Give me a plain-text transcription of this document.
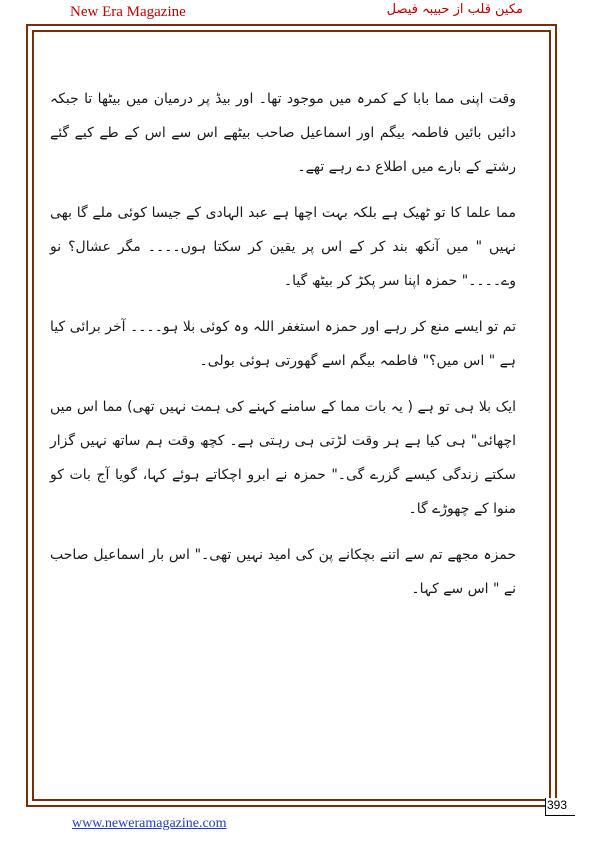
New Era Magazine	مکین قلب از حبیبہ فیصل

وقت اپنی مما بابا کے کمرہ میں موجود تھا۔ اور بیڈ پر درمیان میں بیٹھا تا جبکہ دائیں بائیں فاطمہ بیگم اور اسماعیل صاحب بیٹھے اس سے اس کے طے کیے گئے رشتے کے بارے میں اطلاع دے رہے تھے۔

مما علما کا تو ٹھیک ہے بلکہ بہت اچھا ہے عبد الہادی کے جیسا کوئی ملے گا بھی نہیں " میں آنکھ بند کر کے اس پر یقین کر سکتا ہوں۔۔۔۔ مگر عشال؟ نو وے۔۔۔۔" حمزہ اپنا سر پکڑ کر بیٹھ گیا۔

تم تو ایسے منع کر رہے اور حمزہ استغفر اللہ وہ کوئی بلا ہو۔۔۔۔ آخر برائی کیا ہے " اس میں؟" فاطمہ بیگم اسے گھورتی ہوئی بولی۔

ایک بلا ہی تو ہے ( یہ بات مما کے سامنے کہنے کی ہمت نہیں تھی) مما اس میں اچھائی" ہی کیا ہے ہر وقت لڑتی ہی رہتی ہے۔ کچھ وقت ہم ساتھ نہیں گزار سکتے زندگی کیسے گزرے گی۔" حمزہ نے ابرو اچکاتے ہوئے کہا، گویا آج بات کو منوا کے چھوڑے گا۔

حمزہ مجھے تم سے اتنے بچکانے پن کی امید نہیں تھی۔" اس بار اسماعیل صاحب نے " اس سے کہا۔

393
www.neweramagazine.com
